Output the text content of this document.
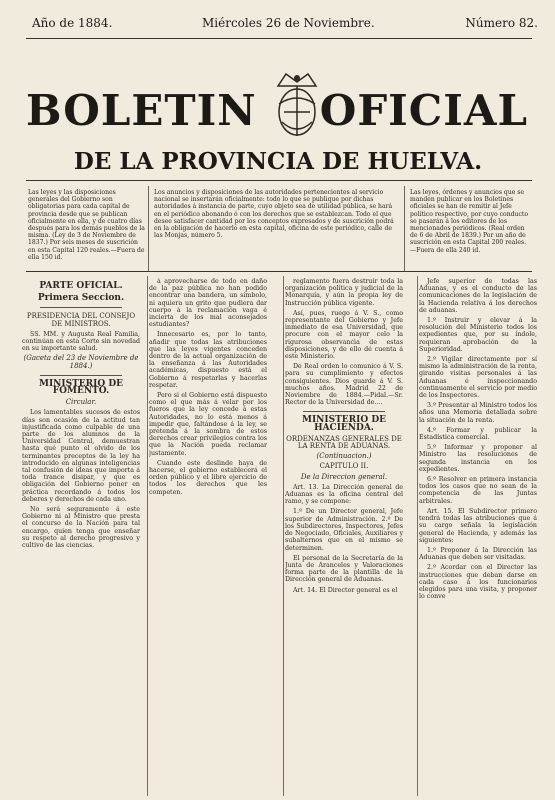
Año de 1884.	Miércoles 26 de Noviembre.	Número 82.
BOLETIN OFICIAL
DE LA PROVINCIA DE HUELVA.
Las leyes y las disposiciones generales del Gobierno son obligatorias para cada capital de provincia desde que se publican oficialmente en ella, y de cuatro días después para los demás pueblos de la misma. (Ley de 3 de Noviembre de 1837.) Por seis meses de suscrición en esta Capital 120 reales.—Fuera de ella 150 id.
Los anuncios y disposiciones de las autoridades pertenecientes al servicio nacional se insertarán oficialmente: todo lo que se publique por dichas autoridades á instancia de parte, cuyo objeto sea de utilidad pública, se hará en el periódico abonando ó con los derechos que se establezcan. Todo el que desee satisfacer cantidad por los conceptos expresados y de suscrición podrá en la obligación de hacerlo en esta capital, oficina de este periódico, calle de las Monjas, número 5.
Las leyes, órdenes y anuncios que se manden publicar en los Boletines oficiales se han de remitir al Jefe político respectivo, por cuyo conducto se pasarán á los editores de los mencionados periódicos. (Real orden de 6 de Abril de 1839.) Por un año de suscrición en esta Capital 200 reales.—Fuera de ella 240 id.
PARTE OFICIAL.
Primera Seccion.
PRESIDENCIA DEL CONSEJO DE MINISTROS.

SS. MM. y Augusta Real Familia, continúan en esta Corte sin novedad en su importante salud.

(Gaceta del 23 de Noviembre de 1884.)
MINISTERIO DE FOMENTO.
Circular.

Los lamentables sucesos de estos días son ocasión de la actitud tan injustificada como culpable de una parte de los alumnos de la Universidad Central, demuestran hasta qué punto el olvido de los terminantes preceptos de la ley ha introducido en algunas inteligencias tal confusión de ideas que importa á toda trance disipar, y que es obligación del Gobierno poner en práctica recordando á todos los deberes y derechos de cada uno.

No será seguramente á este Gobierno ni al Ministro que presta el concurso de la Nación para tal encargo, quien tenga que enseñar su respeto al derecho progresivo y cultivo de las ciencias.

á aprovecharse de todo en daño de la paz pública no han podido encontrar una bandera, un símbolo, ni aquiera un grito que pudiera dar cuerpo á la reclamación vaga é incierta de los mal aconsejados estudiantes?

Innecesario es, por lo tanto, añadir que todas las atribuciones que las leyes vigentes conceden dentro de la actual organización de la enseñanza á las Autoridades académicas, dispuesto está el Gobierno á respetarlas y hacerlas respetar.

Pero si el Gobierno está dispuesto como el que más á velar por los fueros que la ley concede á estas Autoridades, no lo está menos á impedir que, faltándose á la ley, se pretenda á la sombra de estos derechos crear privilegios contra los que la Nación pueda reclamar justamente.

Cuando este deslinde haya de hacerse, el gobierno establecerá el orden público y el libre ejercicio de todos los derechos que les competen.

reglamento fuera destruir toda la organización política y judicial de la Monarquía, y aún la propia ley de Instrucción pública vigente.

Así, pues, ruego á V. S., como representante del Gobierno y Jefe inmediato de esa Universidad, que procure con el mayor celo la rigurosa observancia de estas disposiciones, y de ello dé cuenta á este Ministerio.

De Real orden lo comunico á V. S. para su cumplimiento y efectos consiguientes. Dios guarde á V. S. muchos años. Madrid 22 de Noviembre de 1884.—Pidal.—Sr. Rector de la Universidad de....

MINISTERIO DE HACIENDA.
ORDENANZAS GENERALES DE LA RENTA DE ADUANAS.
(Continuacion.)
CAPITULO II.
De la Direccion general.

Art. 13. La Dirección general de Aduanas es la oficina central del ramo, y se compone:

1.º De un Director general, Jefe superior de Administración. 2.º De los Subdirectores, Inspectores, Jefes de Negociado, Oficiales, Auxiliares y subalternos que en el mismo se determinen.

El personal de la Secretaría de la Junta de Aranceles y Valoraciones forma parte de la plantilla de la Dirección general de Aduanas.

Art. 14. El Director general es el

Jefe superior de todas las Aduanas, y es el conducto de las comunicaciones de la legislación de la Hacienda relativa á los derechos de aduanas.

1.º Instruir y elevar á la resolución del Ministerio todos los expedientes que, por su índole, requieran aprobación de la Superioridad.

2.º Vigilar directamente por sí mismo la administración de la renta, girando visitas personales á las Aduanas é inspeccionando continuamente el servicio por medio de los Inspectores.

3.º Presentar al Ministro todos los años una Memoria detallada sobre la situación de la renta.

4.º Formar y publicar la Estadística comercial.

5.º Informar y proponer al Ministro las resoluciones de segunda instancia en los expedientes.

6.º Resolver en primera instancia todos los casos que no sean de la competencia de las Juntas arbitrales.

Art. 15. El Subdirector primero tendrá todas las atribuciones que á su cargo señala la legislación general de Hacienda, y además las siguientes:

1.º Proponer á la Dirección las Aduanas que deben ser visitadas.

2.º Acordar con el Director las instrucciones que deban darse en cada caso á los funcionarios elegidos para una visita, y proponer lo conve
